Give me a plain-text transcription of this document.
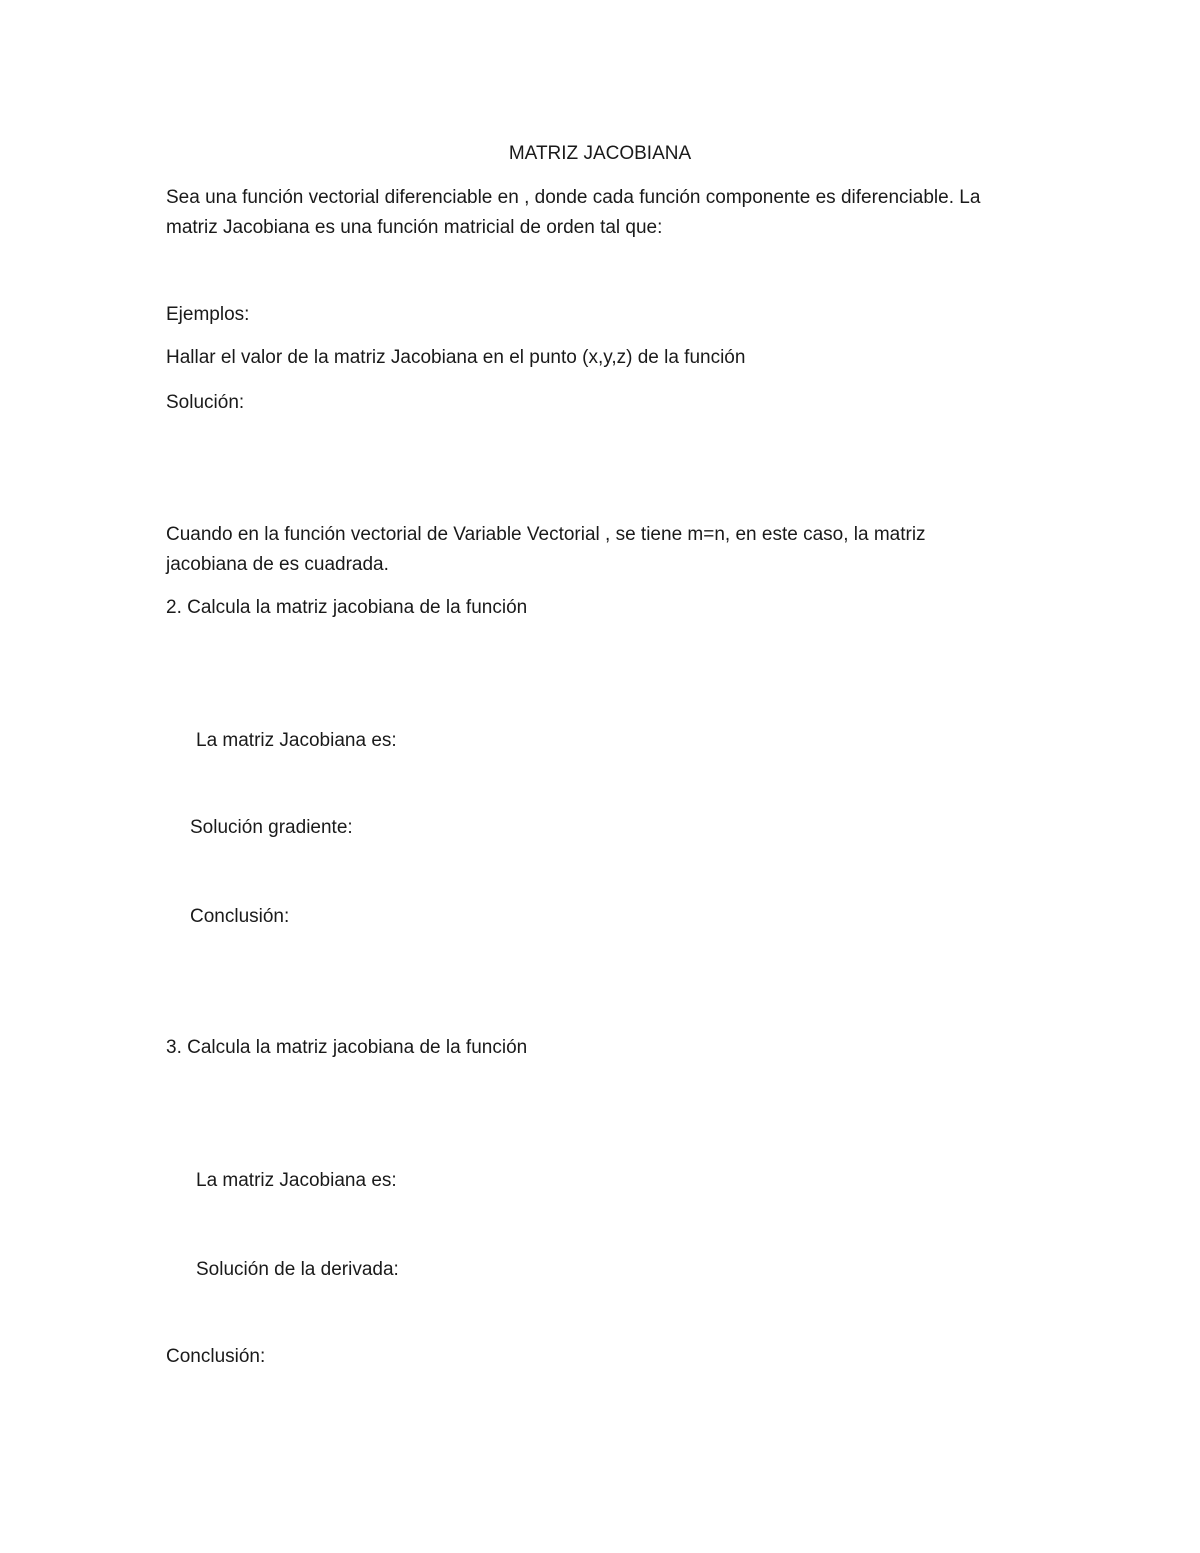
MATRIZ JACOBIANA
Sea una función vectorial diferenciable en , donde cada función componente es diferenciable. La
matriz Jacobiana es una función matricial de orden tal que:
Ejemplos:
Hallar el valor de la matriz Jacobiana en el punto (x,y,z) de la función
Solución:
Cuando en la función vectorial de Variable Vectorial , se tiene m=n, en este caso, la matriz
jacobiana de es cuadrada.
2. Calcula la matriz jacobiana de la función
La matriz Jacobiana es:
Solución gradiente:
Conclusión:
3. Calcula la matriz jacobiana de la función
La matriz Jacobiana es:
Solución de la derivada:
Conclusión:
